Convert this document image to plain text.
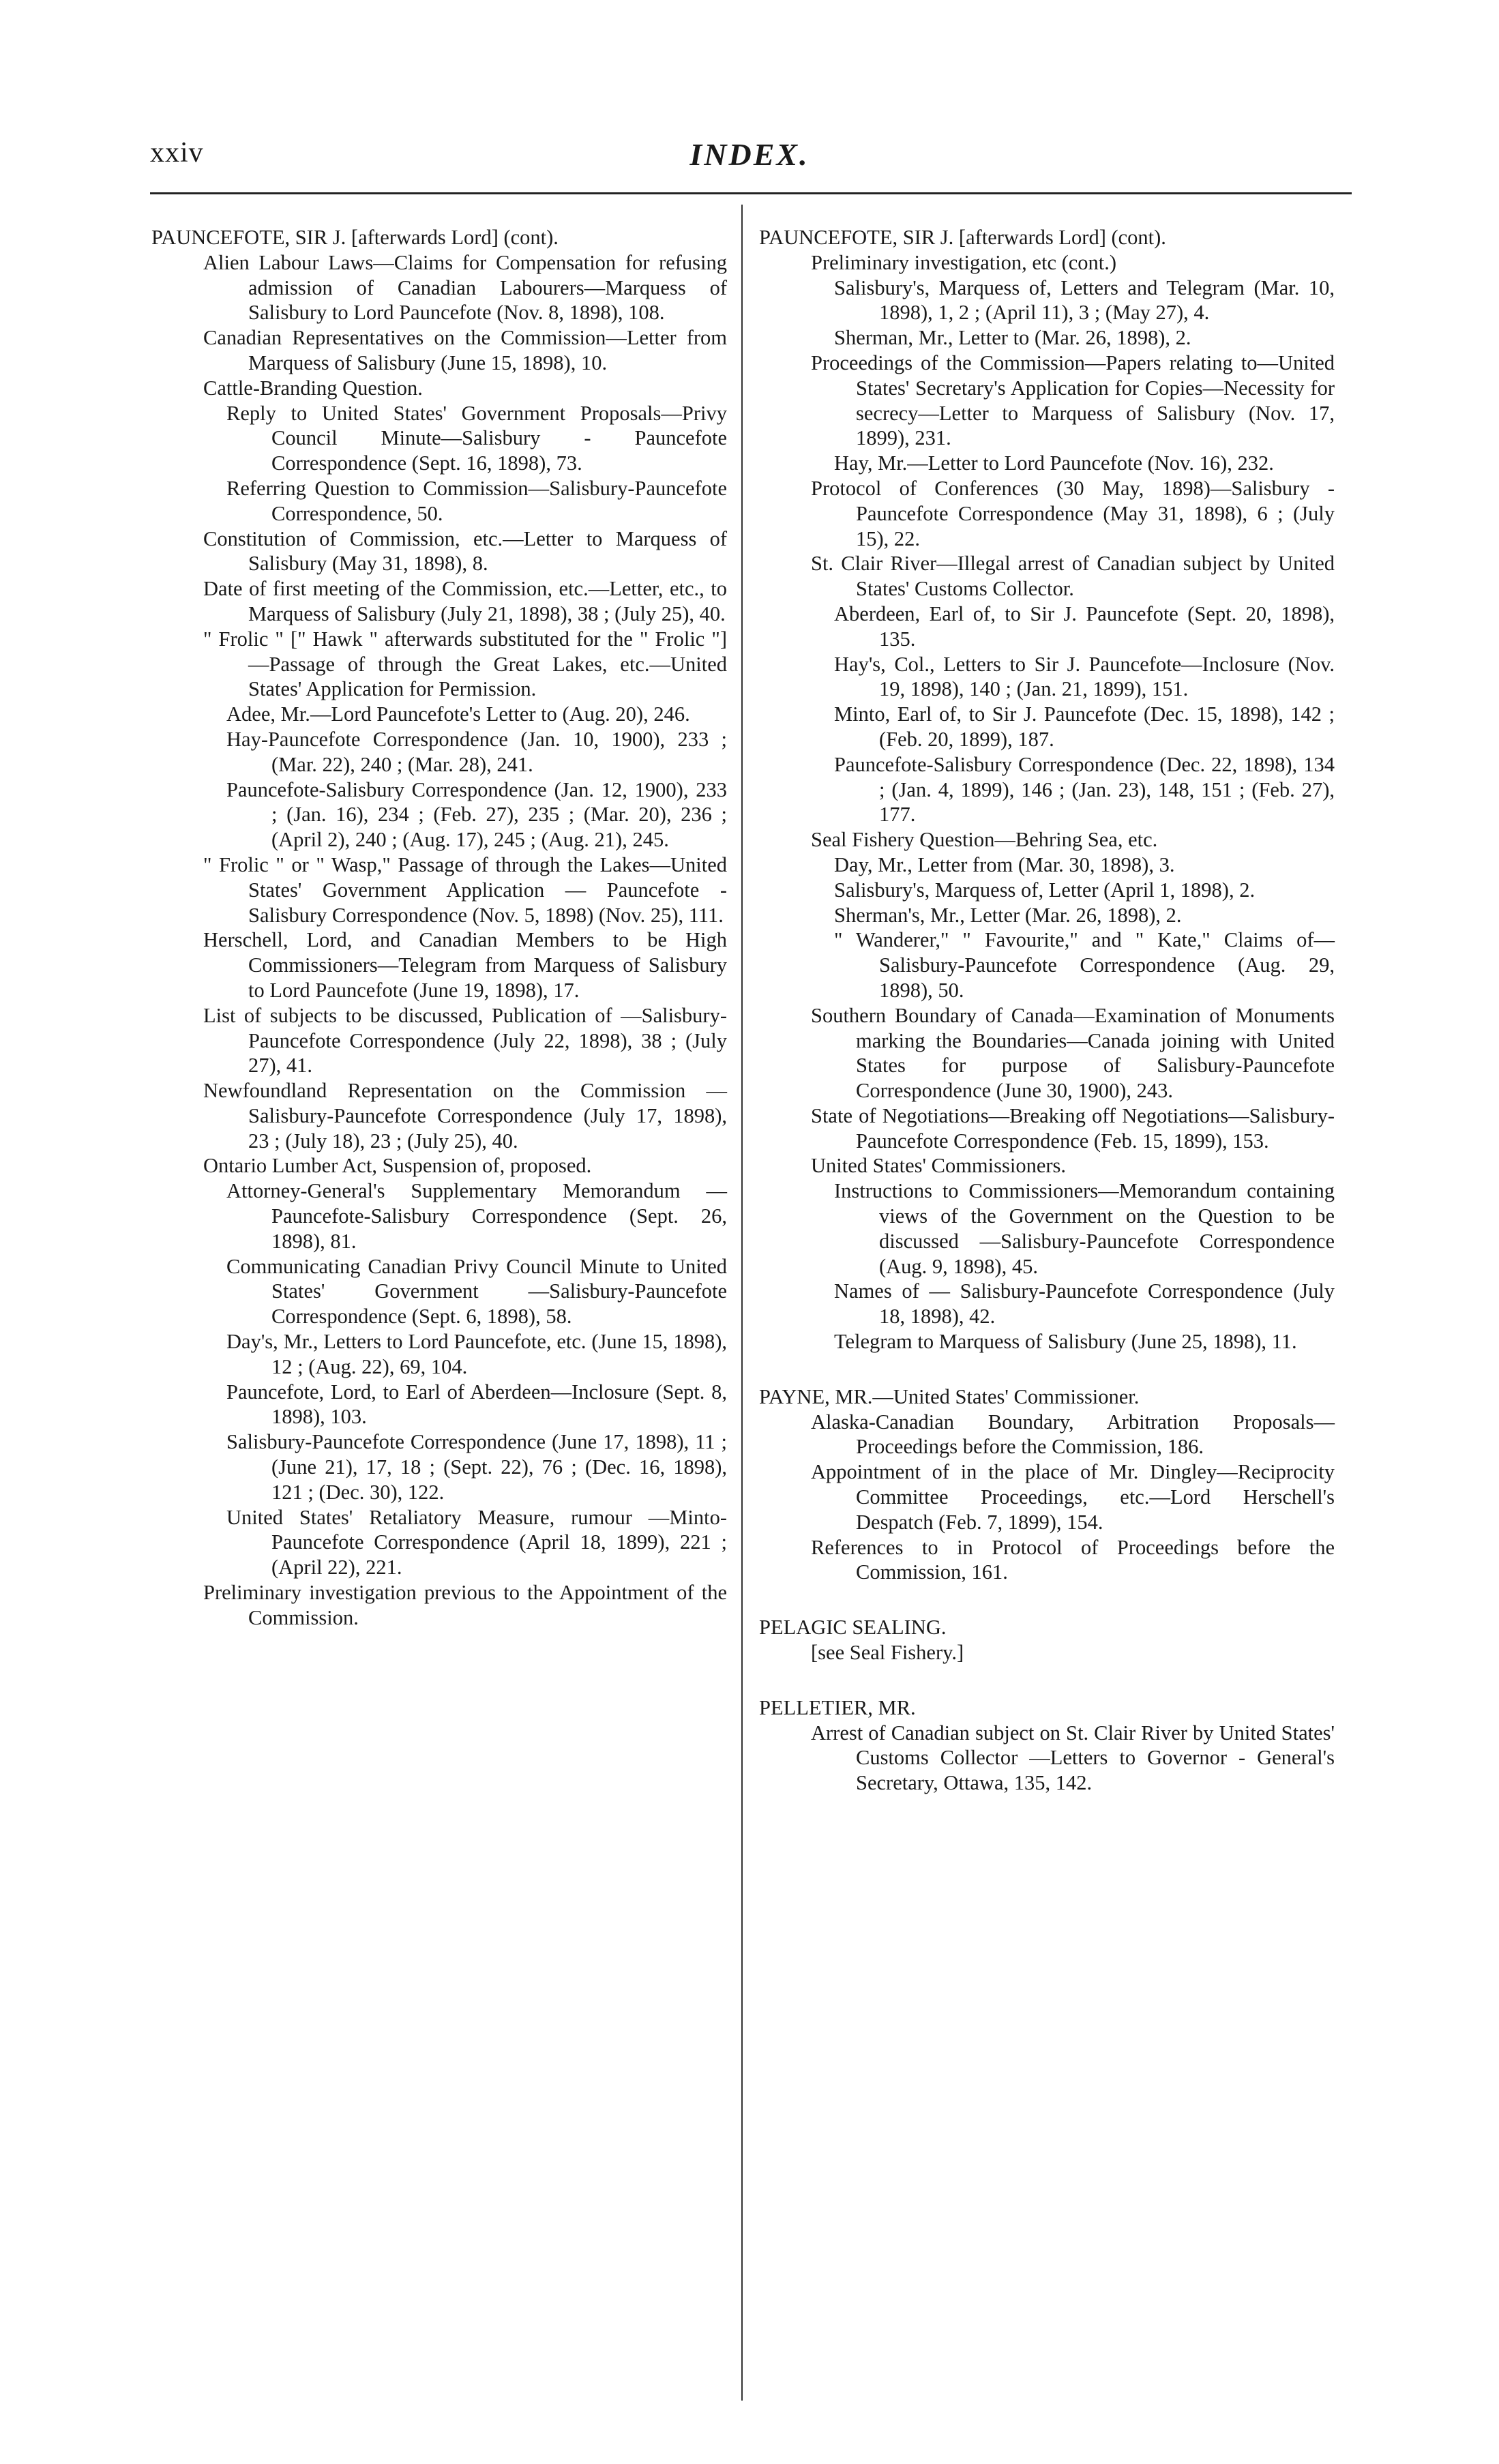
xxiv	INDEX.

PAUNCEFOTE, SIR J. [afterwards Lord] (cont).

Alien Labour Laws—Claims for Compensation for refusing admission of Canadian Labourers—Marquess of Salisbury to Lord Pauncefote (Nov. 8, 1898), 108.

Canadian Representatives on the Commission—Letter from Marquess of Salisbury (June 15, 1898), 10.

Cattle-Branding Question.

Reply to United States' Government Proposals—Privy Council Minute—Salisbury - Pauncefote Correspondence (Sept. 16, 1898), 73.

Referring Question to Commission—Salisbury-Pauncefote Correspondence, 50.

Constitution of Commission, etc.—Letter to Marquess of Salisbury (May 31, 1898), 8.

Date of first meeting of the Commission, etc.—Letter, etc., to Marquess of Salisbury (July 21, 1898), 38 ; (July 25), 40.

" Frolic " [" Hawk " afterwards substituted for the " Frolic "]—Passage of through the Great Lakes, etc.—United States' Application for Permission.

Adee, Mr.—Lord Pauncefote's Letter to (Aug. 20), 246.

Hay-Pauncefote Correspondence (Jan. 10, 1900), 233 ; (Mar. 22), 240 ; (Mar. 28), 241.

Pauncefote-Salisbury Correspondence (Jan. 12, 1900), 233 ; (Jan. 16), 234 ; (Feb. 27), 235 ; (Mar. 20), 236 ; (April 2), 240 ; (Aug. 17), 245 ; (Aug. 21), 245.

" Frolic " or " Wasp," Passage of through the Lakes—United States' Government Application — Pauncefote - Salisbury Correspondence (Nov. 5, 1898) (Nov. 25), 111.

Herschell, Lord, and Canadian Members to be High Commissioners—Telegram from Marquess of Salisbury to Lord Pauncefote (June 19, 1898), 17.

List of subjects to be discussed, Publication of —Salisbury-Pauncefote Correspondence (July 22, 1898), 38 ; (July 27), 41.

Newfoundland Representation on the Commission — Salisbury-Pauncefote Correspondence (July 17, 1898), 23 ; (July 18), 23 ; (July 25), 40.

Ontario Lumber Act, Suspension of, proposed.

Attorney-General's Supplementary Memorandum — Pauncefote-Salisbury Correspondence (Sept. 26, 1898), 81.

Communicating Canadian Privy Council Minute to United States' Government —Salisbury-Pauncefote Correspondence (Sept. 6, 1898), 58.

Day's, Mr., Letters to Lord Pauncefote, etc. (June 15, 1898), 12 ; (Aug. 22), 69, 104.

Pauncefote, Lord, to Earl of Aberdeen—Inclosure (Sept. 8, 1898), 103.

Salisbury-Pauncefote Correspondence (June 17, 1898), 11 ; (June 21), 17, 18 ; (Sept. 22), 76 ; (Dec. 16, 1898), 121 ; (Dec. 30), 122.

United States' Retaliatory Measure, rumour —Minto-Pauncefote Correspondence (April 18, 1899), 221 ; (April 22), 221.

Preliminary investigation previous to the Appointment of the Commission.

PAUNCEFOTE, SIR J. [afterwards Lord] (cont).

Preliminary investigation, etc (cont.)

Salisbury's, Marquess of, Letters and Telegram (Mar. 10, 1898), 1, 2 ; (April 11), 3 ; (May 27), 4.

Sherman, Mr., Letter to (Mar. 26, 1898), 2.

Proceedings of the Commission—Papers relating to—United States' Secretary's Application for Copies—Necessity for secrecy—Letter to Marquess of Salisbury (Nov. 17, 1899), 231.

Hay, Mr.—Letter to Lord Pauncefote (Nov. 16), 232.

Protocol of Conferences (30 May, 1898)—Salisbury - Pauncefote Correspondence (May 31, 1898), 6 ; (July 15), 22.

St. Clair River—Illegal arrest of Canadian subject by United States' Customs Collector.

Aberdeen, Earl of, to Sir J. Pauncefote (Sept. 20, 1898), 135.

Hay's, Col., Letters to Sir J. Pauncefote—Inclosure (Nov. 19, 1898), 140 ; (Jan. 21, 1899), 151.

Minto, Earl of, to Sir J. Pauncefote (Dec. 15, 1898), 142 ; (Feb. 20, 1899), 187.

Pauncefote-Salisbury Correspondence (Dec. 22, 1898), 134 ; (Jan. 4, 1899), 146 ; (Jan. 23), 148, 151 ; (Feb. 27), 177.

Seal Fishery Question—Behring Sea, etc.

Day, Mr., Letter from (Mar. 30, 1898), 3.

Salisbury's, Marquess of, Letter (April 1, 1898), 2.

Sherman's, Mr., Letter (Mar. 26, 1898), 2.

" Wanderer," " Favourite," and " Kate," Claims of—Salisbury-Pauncefote Correspondence (Aug. 29, 1898), 50.

Southern Boundary of Canada—Examination of Monuments marking the Boundaries—Canada joining with United States for purpose of Salisbury-Pauncefote Correspondence (June 30, 1900), 243.

State of Negotiations—Breaking off Negotiations—Salisbury-Pauncefote Correspondence (Feb. 15, 1899), 153.

United States' Commissioners.

Instructions to Commissioners—Memorandum containing views of the Government on the Question to be discussed —Salisbury-Pauncefote Correspondence (Aug. 9, 1898), 45.

Names of — Salisbury-Pauncefote Correspondence (July 18, 1898), 42.

Telegram to Marquess of Salisbury (June 25, 1898), 11.

PAYNE, MR.—United States' Commissioner.

Alaska-Canadian Boundary, Arbitration Proposals—Proceedings before the Commission, 186.

Appointment of in the place of Mr. Dingley—Reciprocity Committee Proceedings, etc.—Lord Herschell's Despatch (Feb. 7, 1899), 154.

References to in Protocol of Proceedings before the Commission, 161.

PELAGIC SEALING.

[see Seal Fishery.]

PELLETIER, MR.

Arrest of Canadian subject on St. Clair River by United States' Customs Collector —Letters to Governor - General's Secretary, Ottawa, 135, 142.
